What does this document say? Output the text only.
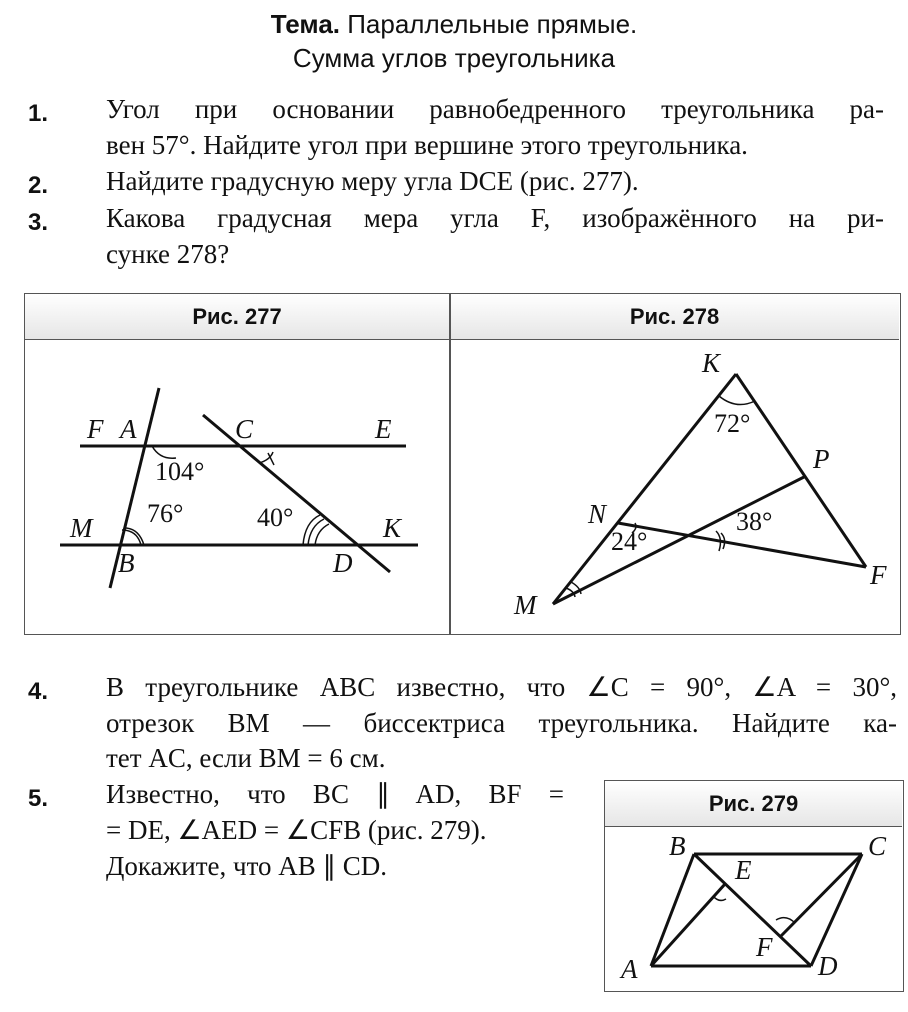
Тема. Параллельные прямые.
Сумма углов треугольника
1. Угол при основании равнобедренного треугольника ра-
вен 57°. Найдите угол при вершине этого треугольника.
2. Найдите градусную меру угла DCE (рис. 277).
3. Какова градусная мера угла F, изображённого на ри-
сунке 278?
Рис. 277	Рис. 278
F A	C	E
M
B	D
K
104°
76°	40°
K
P
N
F
M
72°
38°
24°
4. В треугольнике ABC известно, что ∠C = 90°, ∠A = 30°,
отрезок BM — биссектриса треугольника. Найдите ка-
тет AC, если BM = 6 см.
5. Известно, что BC ∥ AD, BF =
= DE, ∠AED = ∠CFB (рис. 279).
Докажите, что AB ∥ CD.
Рис. 279
B	C
E
F
A	D
